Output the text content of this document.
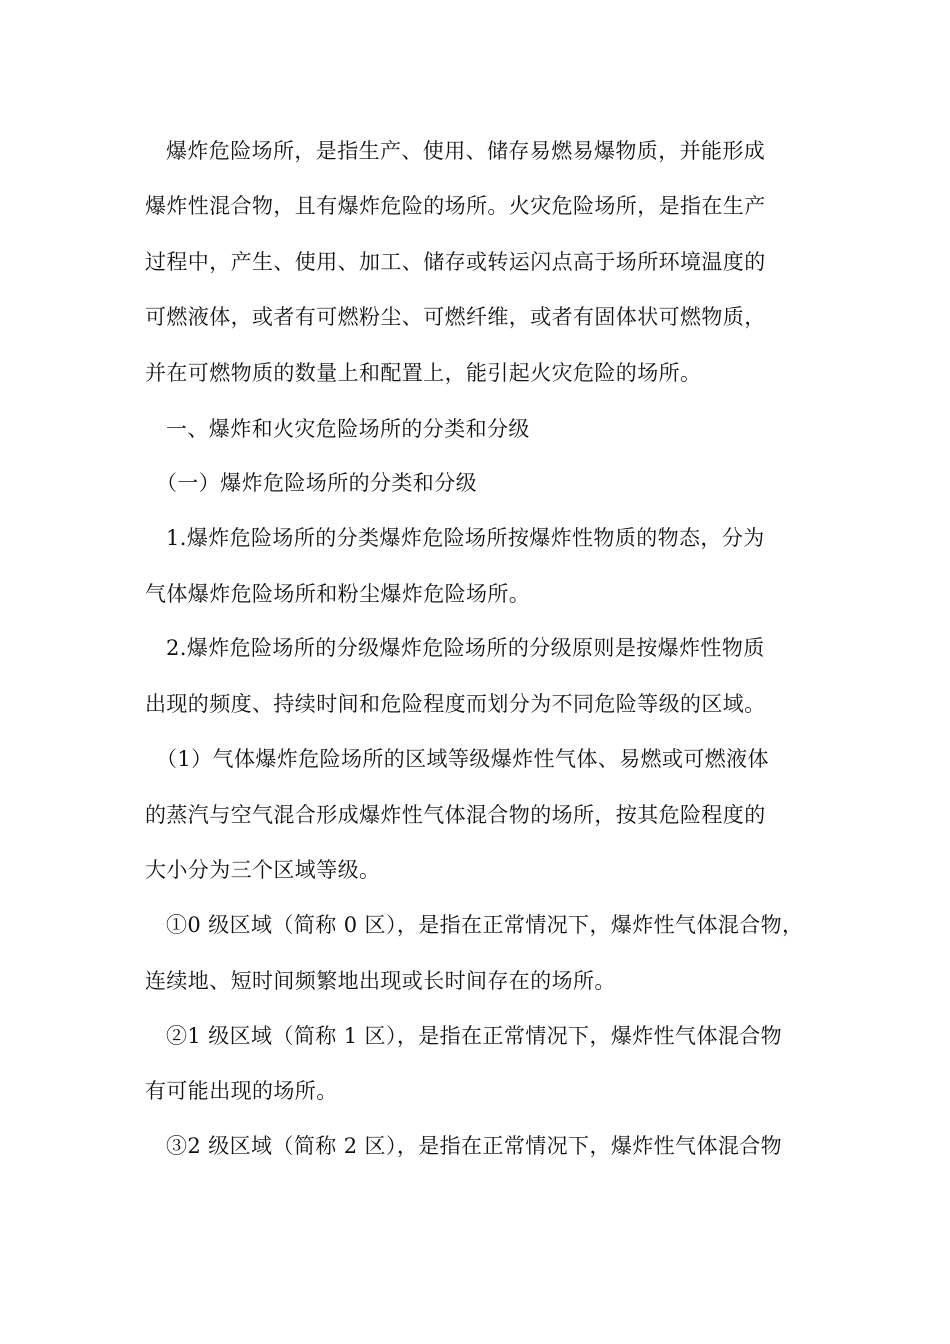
爆炸危险场所，是指生产、使用、储存易燃易爆物质，并能形成
爆炸性混合物，且有爆炸危险的场所。火灾危险场所，是指在生产
过程中，产生、使用、加工、储存或转运闪点高于场所环境温度的
可燃液体，或者有可燃粉尘、可燃纤维，或者有固体状可燃物质，
并在可燃物质的数量上和配置上，能引起火灾危险的场所。
一、爆炸和火灾危险场所的分类和分级
（一）爆炸危险场所的分类和分级
1.爆炸危险场所的分类爆炸危险场所按爆炸性物质的物态，分为
气体爆炸危险场所和粉尘爆炸危险场所。
2.爆炸危险场所的分级爆炸危险场所的分级原则是按爆炸性物质
出现的频度、持续时间和危险程度而划分为不同危险等级的区域。
（1）气体爆炸危险场所的区域等级爆炸性气体、易燃或可燃液体
的蒸汽与空气混合形成爆炸性气体混合物的场所，按其危险程度的
大小分为三个区域等级。
①0 级区域（简称 0 区），是指在正常情况下，爆炸性气体混合物，
连续地、短时间频繁地出现或长时间存在的场所。
②1 级区域（简称 1 区），是指在正常情况下，爆炸性气体混合物
有可能出现的场所。
③2 级区域（简称 2 区），是指在正常情况下，爆炸性气体混合物
